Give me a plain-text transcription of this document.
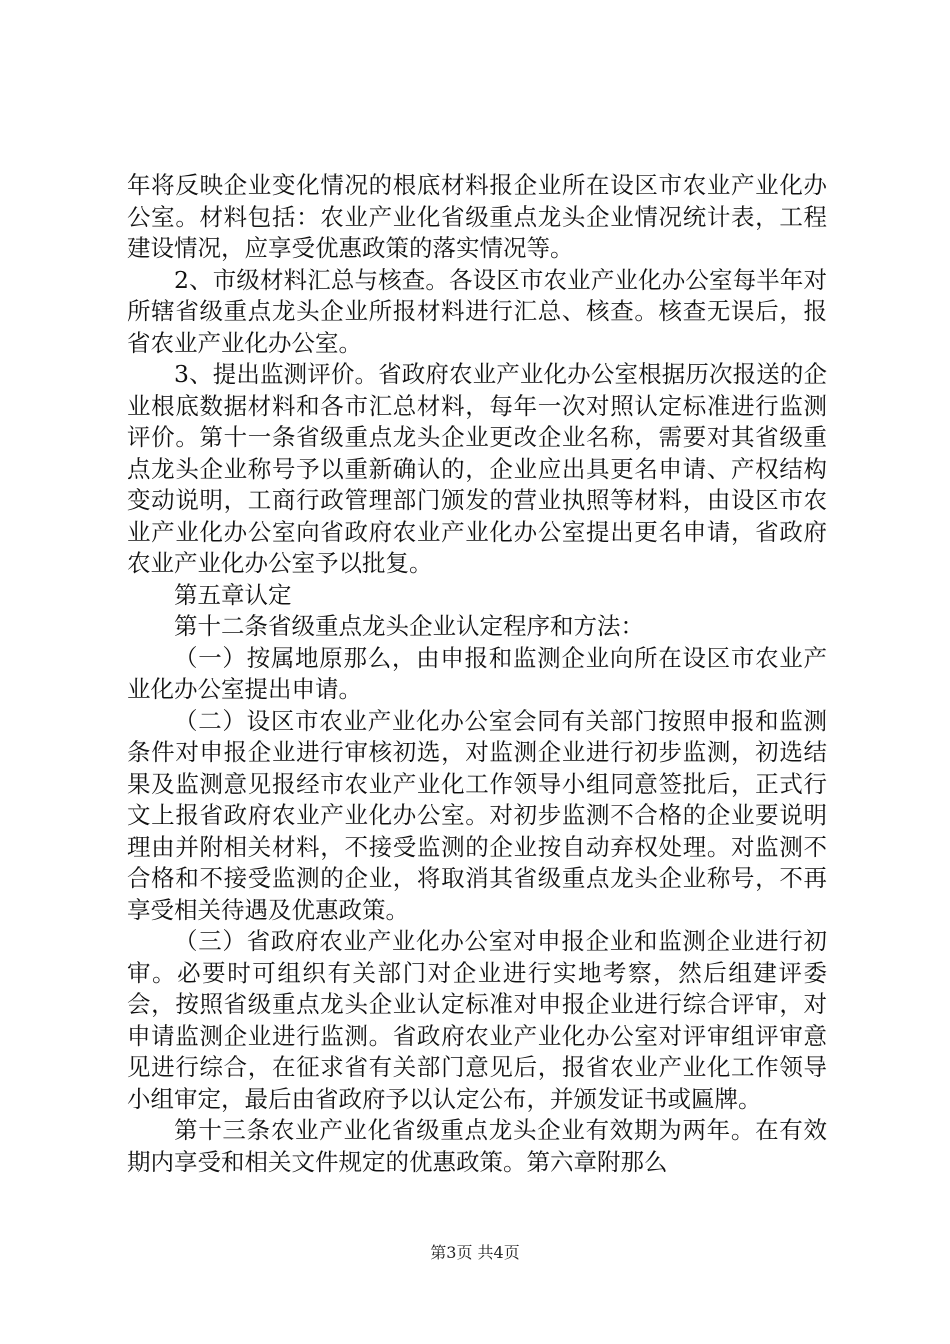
年将反映企业变化情况的根底材料报企业所在设区市农业产业化办公室。材料包括：农业产业化省级重点龙头企业情况统计表，工程建设情况，应享受优惠政策的落实情况等。

2、市级材料汇总与核查。各设区市农业产业化办公室每半年对所辖省级重点龙头企业所报材料进行汇总、核查。核查无误后，报省农业产业化办公室。

3、提出监测评价。省政府农业产业化办公室根据历次报送的企业根底数据材料和各市汇总材料，每年一次对照认定标准进行监测评价。第十一条省级重点龙头企业更改企业名称，需要对其省级重点龙头企业称号予以重新确认的，企业应出具更名申请、产权结构变动说明，工商行政管理部门颁发的营业执照等材料，由设区市农业产业化办公室向省政府农业产业化办公室提出更名申请，省政府农业产业化办公室予以批复。

第五章认定

第十二条省级重点龙头企业认定程序和方法：

（一）按属地原那么，由申报和监测企业向所在设区市农业产业化办公室提出申请。

（二）设区市农业产业化办公室会同有关部门按照申报和监测条件对申报企业进行审核初选，对监测企业进行初步监测，初选结果及监测意见报经市农业产业化工作领导小组同意签批后，正式行文上报省政府农业产业化办公室。对初步监测不合格的企业要说明理由并附相关材料，不接受监测的企业按自动弃权处理。对监测不合格和不接受监测的企业，将取消其省级重点龙头企业称号，不再享受相关待遇及优惠政策。

（三）省政府农业产业化办公室对申报企业和监测企业进行初审。必要时可组织有关部门对企业进行实地考察，然后组建评委会，按照省级重点龙头企业认定标准对申报企业进行综合评审，对申请监测企业进行监测。省政府农业产业化办公室对评审组评审意见进行综合，在征求省有关部门意见后，报省农业产业化工作领导小组审定，最后由省政府予以认定公布，并颁发证书或匾牌。

第十三条农业产业化省级重点龙头企业有效期为两年。在有效期内享受和相关文件规定的优惠政策。第六章附那么

第3页 共4页
